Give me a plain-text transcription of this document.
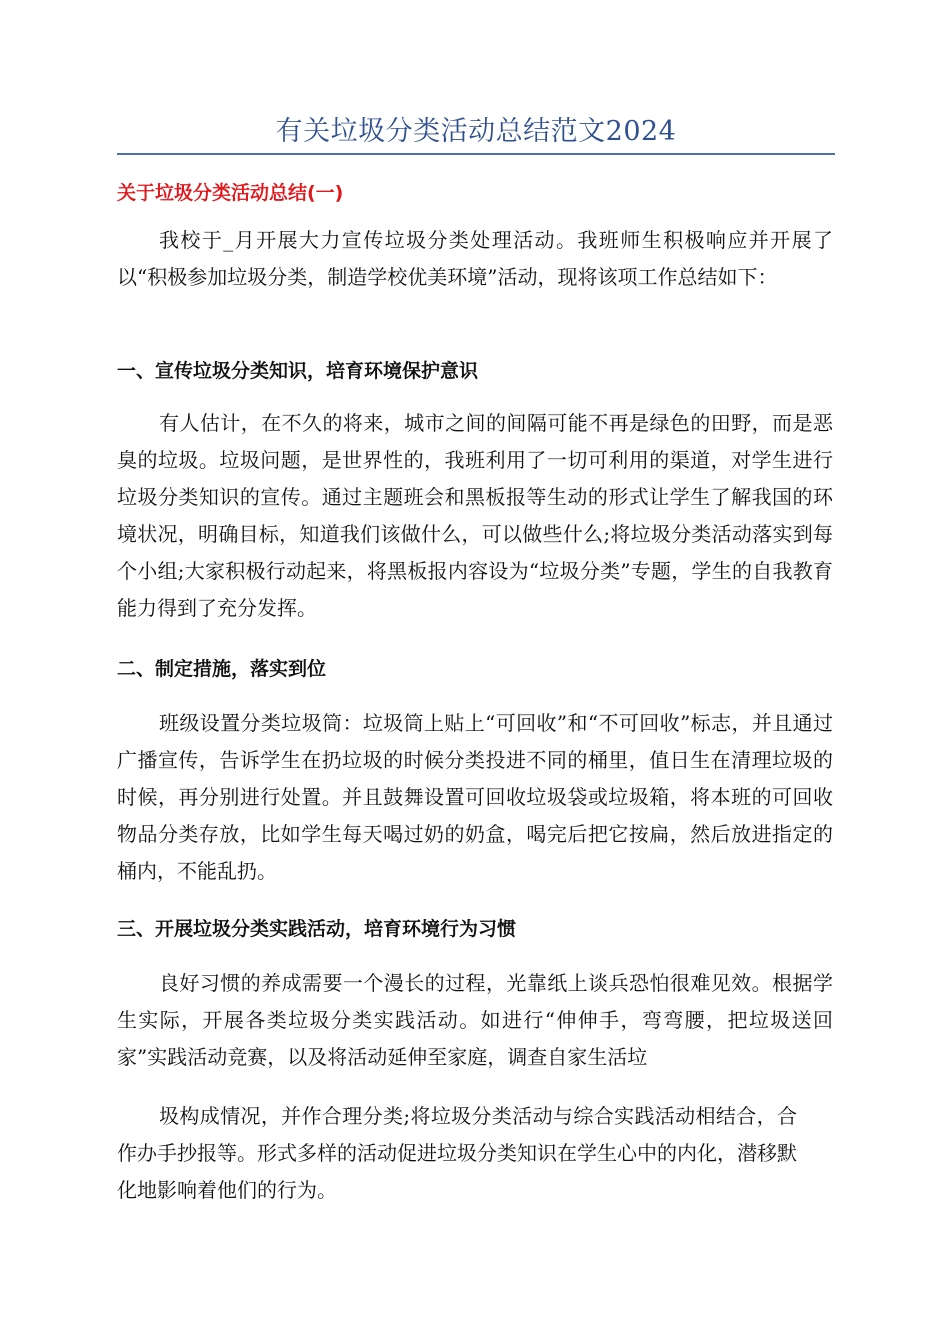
有关垃圾分类活动总结范文2024
关于垃圾分类活动总结(一)
我校于_月开展大力宣传垃圾分类处理活动。我班师生积极响应并开展了以“积极参加垃圾分类，制造学校优美环境”活动，现将该项工作总结如下：
一、宣传垃圾分类知识，培育环境保护意识
有人估计，在不久的将来，城市之间的间隔可能不再是绿色的田野，而是恶臭的垃圾。垃圾问题，是世界性的，我班利用了一切可利用的渠道，对学生进行垃圾分类知识的宣传。通过主题班会和黑板报等生动的形式让学生了解我国的环境状况，明确目标，知道我们该做什么，可以做些什么;将垃圾分类活动落实到每个小组;大家积极行动起来，将黑板报内容设为“垃圾分类”专题，学生的自我教育能力得到了充分发挥。
二、制定措施，落实到位
班级设置分类垃圾筒：垃圾筒上贴上“可回收”和“不可回收”标志，并且通过广播宣传，告诉学生在扔垃圾的时候分类投进不同的桶里，值日生在清理垃圾的时候，再分别进行处置。并且鼓舞设置可回收垃圾袋或垃圾箱，将本班的可回收物品分类存放，比如学生每天喝过奶的奶盒，喝完后把它按扁，然后放进指定的桶内，不能乱扔。
三、开展垃圾分类实践活动，培育环境行为习惯
良好习惯的养成需要一个漫长的过程，光靠纸上谈兵恐怕很难见效。根据学生实际，开展各类垃圾分类实践活动。如进行“伸伸手，弯弯腰，把垃圾送回家”实践活动竞赛，以及将活动延伸至家庭，调查自家生活垃
圾构成情况，并作合理分类;将垃圾分类活动与综合实践活动相结合，合作办手抄报等。形式多样的活动促进垃圾分类知识在学生心中的内化，潜移默化地影响着他们的行为。
